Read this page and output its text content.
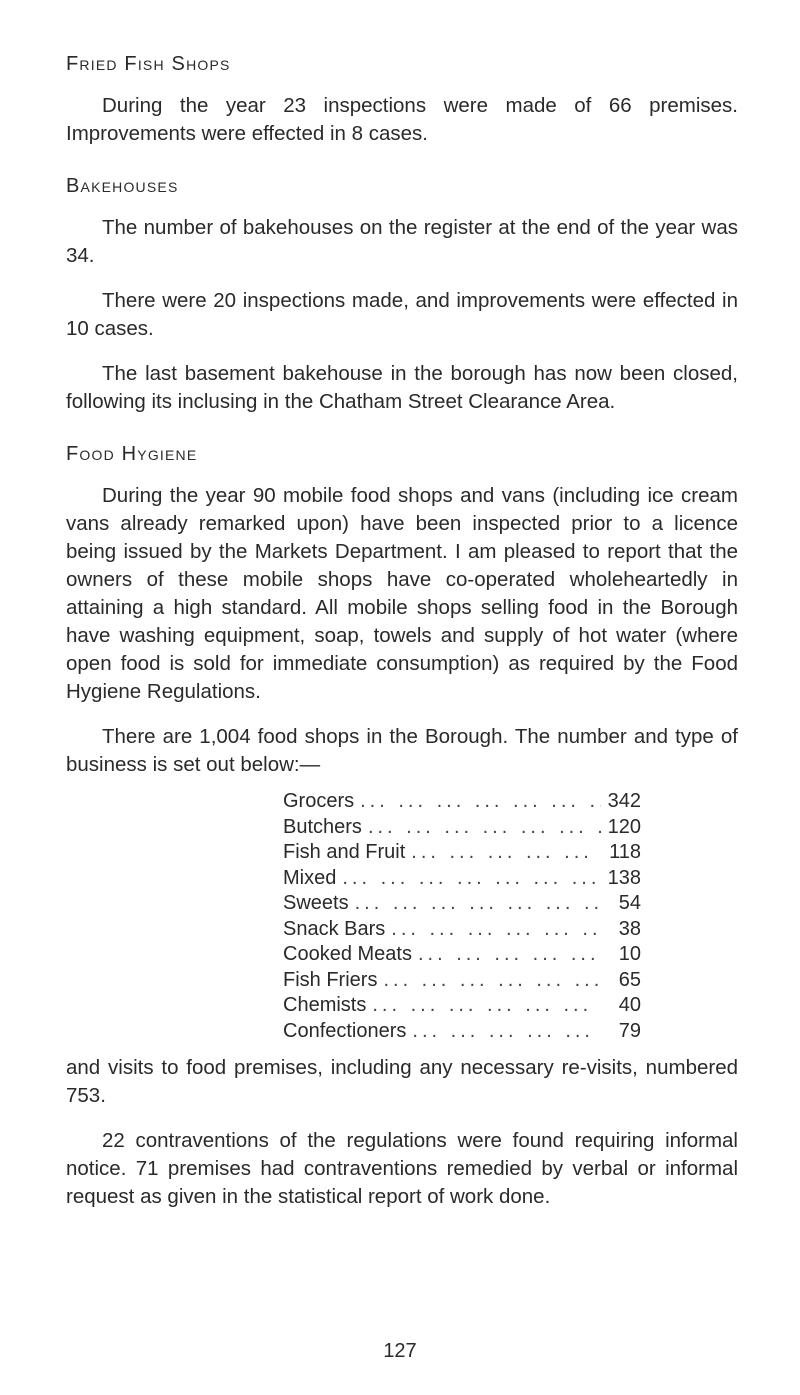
Fried Fish Shops

During the year 23 inspections were made of 66 premises. Improvements were effected in 8 cases.

Bakehouses

The number of bakehouses on the register at the end of the year was 34.

There were 20 inspections made, and improvements were effected in 10 cases.

The last basement bakehouse in the borough has now been closed, following its inclusing in the Chatham Street Clearance Area.

Food Hygiene

During the year 90 mobile food shops and vans (including ice cream vans already remarked upon) have been inspected prior to a licence being issued by the Markets Department. I am pleased to report that the owners of these mobile shops have co-operated wholeheartedly in attaining a high standard. All mobile shops selling food in the Borough have washing equipment, soap, towels and supply of hot water (where open food is sold for immediate consumption) as required by the Food Hygiene Regulations.

There are 1,004 food shops in the Borough. The number and type of business is set out below:—

Grocers ... .	342
Butchers ... .	120
Fish and Fruit ... .	118
Mixed ... .	138
Sweets ... .	54
Snack Bars ... .	38
Cooked Meats ... .	10
Fish Friers ... .	65
Chemists ... .	40
Confectioners ... .	79

and visits to food premises, including any necessary re-visits, numbered 753.

22 contraventions of the regulations were found requiring informal notice. 71 premises had contraventions remedied by verbal or informal request as given in the statistical report of work done.

127
